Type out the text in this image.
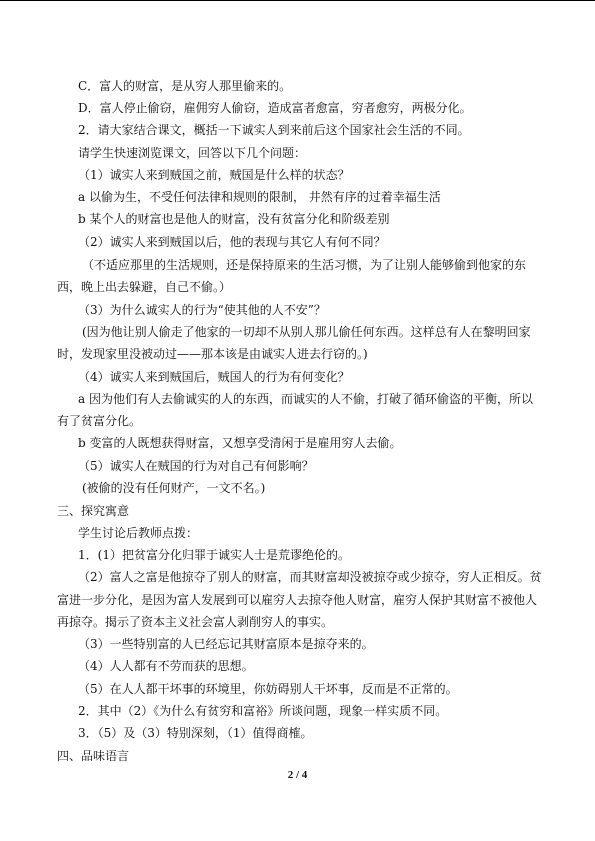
C．富人的财富，是从穷人那里偷来的。
D．富人停止偷窃，雇佣穷人偷窃，造成富者愈富，穷者愈穷，两极分化。
2．请大家结合课文，概括一下诚实人到来前后这个国家社会生活的不同。
请学生快速浏览课文，回答以下几个问题：
（1）诚实人来到贼国之前，贼国是什么样的状态？
a 以偷为生，不受任何法律和规则的限制， 井然有序的过着幸福生活
b 某个人的财富也是他人的财富，没有贫富分化和阶级差别
（2）诚实人来到贼国以后，他的表现与其它人有何不同？
（不适应那里的生活规则，还是保持原来的生活习惯，为了让别人能够偷到他家的东
西，晚上出去躲避，自己不偷。）
（3）为什么诚实人的行为“使其他的人不安”？
(因为他让别人偷走了他家的一切却不从别人那儿偷任何东西。这样总有人在黎明回家
时，发现家里没被动过——那本该是由诚实人进去行窃的。)
（4）诚实人来到贼国后，贼国人的行为有何变化？
a 因为他们有人去偷诚实的人的东西，而诚实的人不偷，打破了循环偷盗的平衡，所以
有了贫富分化。
b 变富的人既想获得财富，又想享受清闲于是雇用穷人去偷。
（5）诚实人在贼国的行为对自己有何影响？
(被偷的没有任何财产，一文不名。)
三、探究寓意
学生讨论后教师点拨：
1．(1）把贫富分化归罪于诚实人士是荒谬绝伦的。
（2）富人之富是他掠夺了别人的财富，而其财富却没被掠夺或少掠夺，穷人正相反。贫
富进一步分化，是因为富人发展到可以雇穷人去掠夺他人财富，雇穷人保护其财富不被他人
再掠夺。揭示了资本主义社会富人剥削穷人的事实。
（3）一些特别富的人已经忘记其财富原本是掠夺来的。
（4）人人都有不劳而获的思想。
（5）在人人都干坏事的环境里，你妨碍别人干坏事，反而是不正常的。
2．其中（2）《为什么有贫穷和富裕》所谈问题，现象一样实质不同。
3．（5）及（3）特别深刻，（1）值得商榷。
四、品味语言
2 / 4
